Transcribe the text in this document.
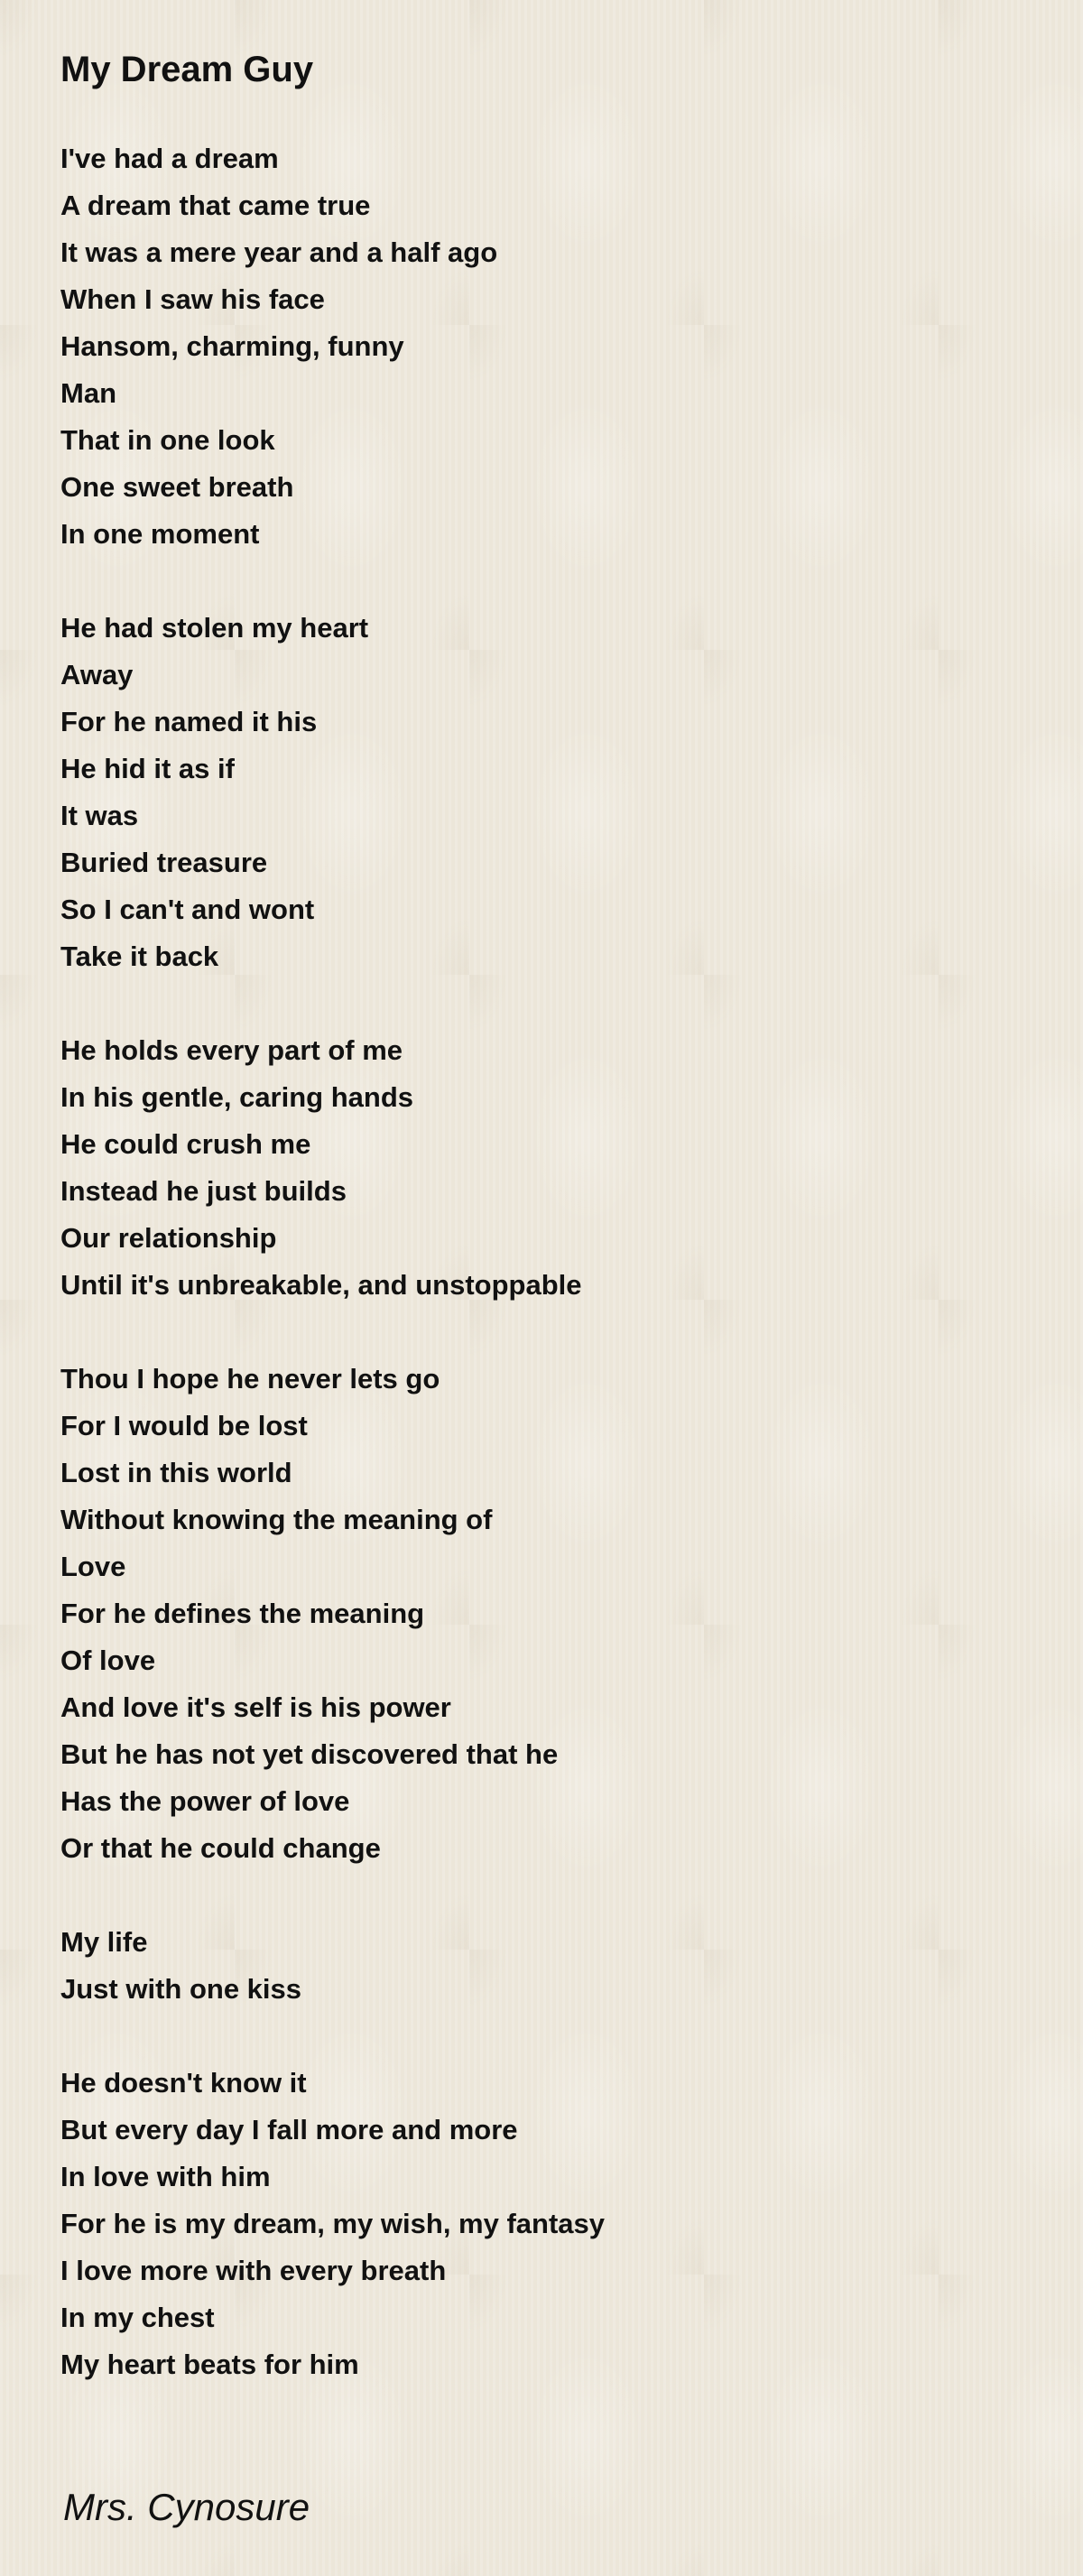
My Dream Guy
I've had a dream
A dream that came true
It was a mere year and a half ago
When I saw his face
Hansom, charming, funny
Man
That in one look
One sweet breath
In one moment
He had stolen my heart
Away
For he named it his
He hid it as if
It was
Buried treasure
So I can't and wont
Take it back
He holds every part of me
In his gentle, caring hands
He could crush me
Instead he just builds
Our relationship
Until it's unbreakable, and unstoppable
Thou I hope he never lets go
For I would be lost
Lost in this world
Without knowing the meaning of
Love
For he defines the meaning
Of love
And love it's self is his power
But he has not yet discovered that he
Has the power of love
Or that he could change
My life
Just with one kiss
He doesn't know it
But every day I fall more and more
In love with him
For he is my dream, my wish, my fantasy
I love more with every breath
In my chest
My heart beats for him
Mrs. Cynosure
